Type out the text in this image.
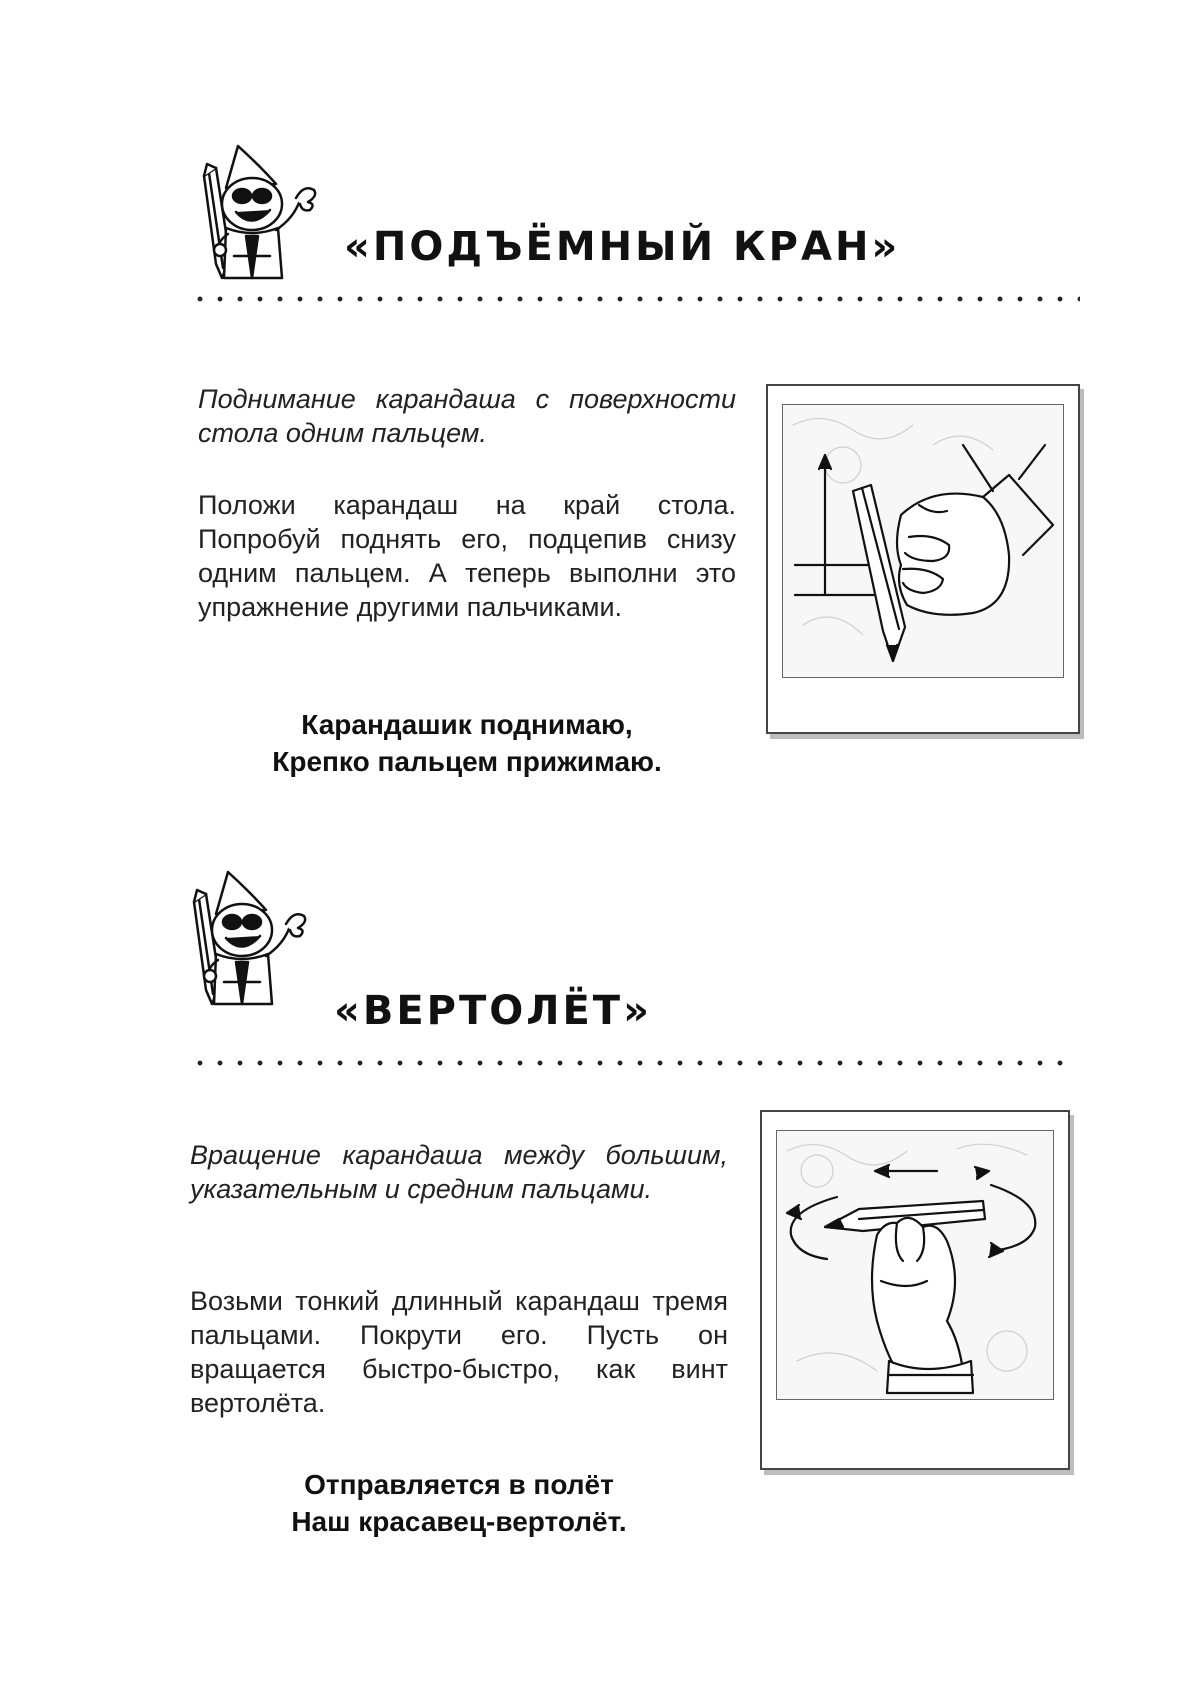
«ПОДЪЁМНЫЙ КРАН»

Поднимание карандаша с поверхности стола одним пальцем.

Положи карандаш на край стола. Попробуй поднять его, подцепив снизу одним пальцем. А теперь выполни это упражнение другими пальчиками.

Карандашик поднимаю,
Крепко пальцем прижимаю.

«ВЕРТОЛЁТ»

Вращение карандаша между большим, указательным и средним пальцами.

Возьми тонкий длинный карандаш тремя пальцами. Покрути его. Пусть он вращается быстро-быстро, как винт вертолёта.

Отправляется в полёт
Наш красавец-вертолёт.
